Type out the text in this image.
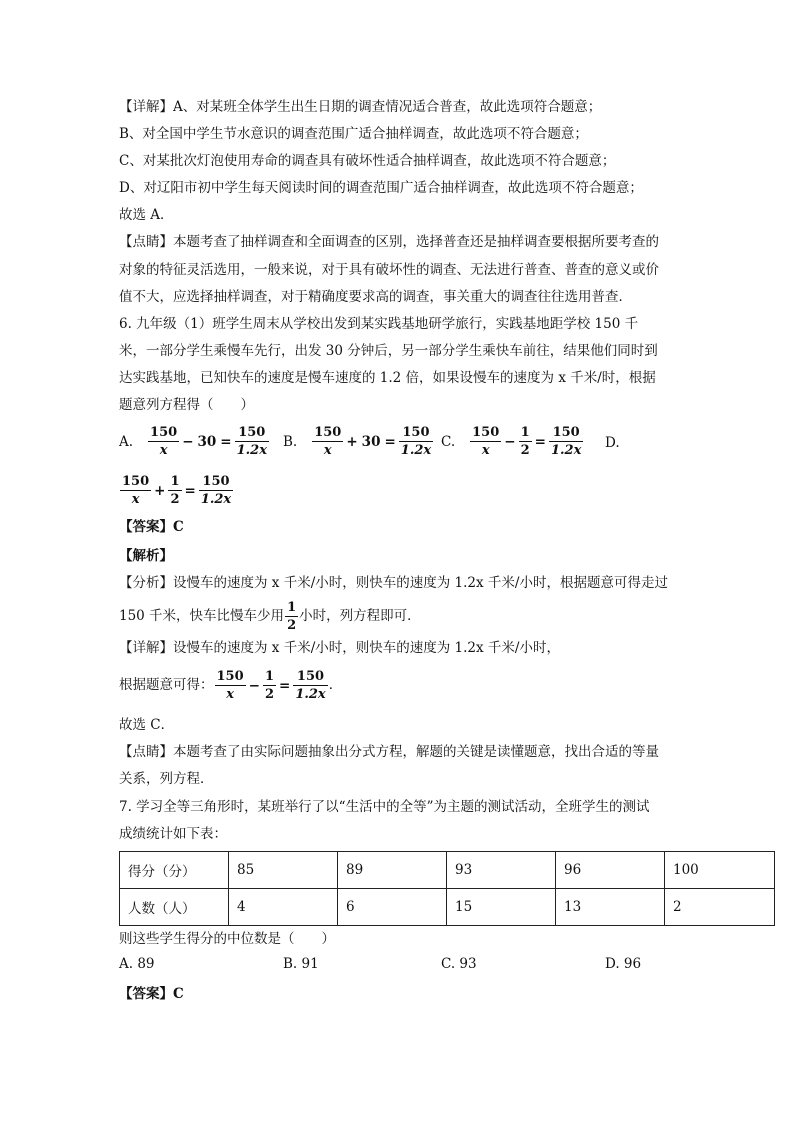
【详解】A、对某班全体学生出生日期的调查情况适合普查，故此选项符合题意；
B、对全国中学生节水意识的调查范围广适合抽样调查，故此选项不符合题意；
C、对某批次灯泡使用寿命的调查具有破坏性适合抽样调查，故此选项不符合题意；
D、对辽阳市初中学生每天阅读时间的调查范围广适合抽样调查，故此选项不符合题意；
故选 A．
【点睛】本题考查了抽样调查和全面调查的区别，选择普查还是抽样调查要根据所要考查的
对象的特征灵活选用，一般来说，对于具有破坏性的调查、无法进行普查、普查的意义或价
值不大，应选择抽样调查，对于精确度要求高的调查，事关重大的调查往往选用普查．
6. 九年级（1）班学生周末从学校出发到某实践基地研学旅行，实践基地距学校 150 千
米，一部分学生乘慢车先行，出发 30 分钟后，另一部分学生乘快车前往，结果他们同时到
达实践基地，已知快车的速度是慢车速度的 1.2 倍，如果设慢车的速度为 x 千米/时，根据
题意列方程得（　　）
A. $\frac{150}{x} - 30 = \frac{150}{1.2x} B$. $\frac{150}{x} + 30 = \frac{150}{1.2x} C$. $\frac{150}{x} - \frac{1}{2} = \frac{150}{1.2x} D$.
$\frac{150}{x} + \frac{1}{2} = \frac{150}{1.2x}$
【答案】C
【解析】
【分析】设慢车的速度为 x 千米/小时，则快车的速度为 1.2x 千米/小时，根据题意可得走过
150 千米，快车比慢车少用 $\frac{1}{2}$ 小时，列方程即可．
【详解】设慢车的速度为 x 千米/小时，则快车的速度为 1.2x 千米/小时，
根据题意可得： $\frac{150}{x} - \frac{1}{2} = \frac{150}{1.2x}$ ．
故选 C．
【点睛】本题考查了由实际问题抽象出分式方程，解题的关键是读懂题意，找出合适的等量
关系，列方程．
7. 学习全等三角形时，某班举行了以“生活中的全等”为主题的测试活动，全班学生的测试
成绩统计如下表：
得分（分）	85	89	93	96	100
人数（人）	4	6	15	13	2
则这些学生得分的中位数是（　　）
A. 89	B. 91	C. 93	D. 96
【答案】C
